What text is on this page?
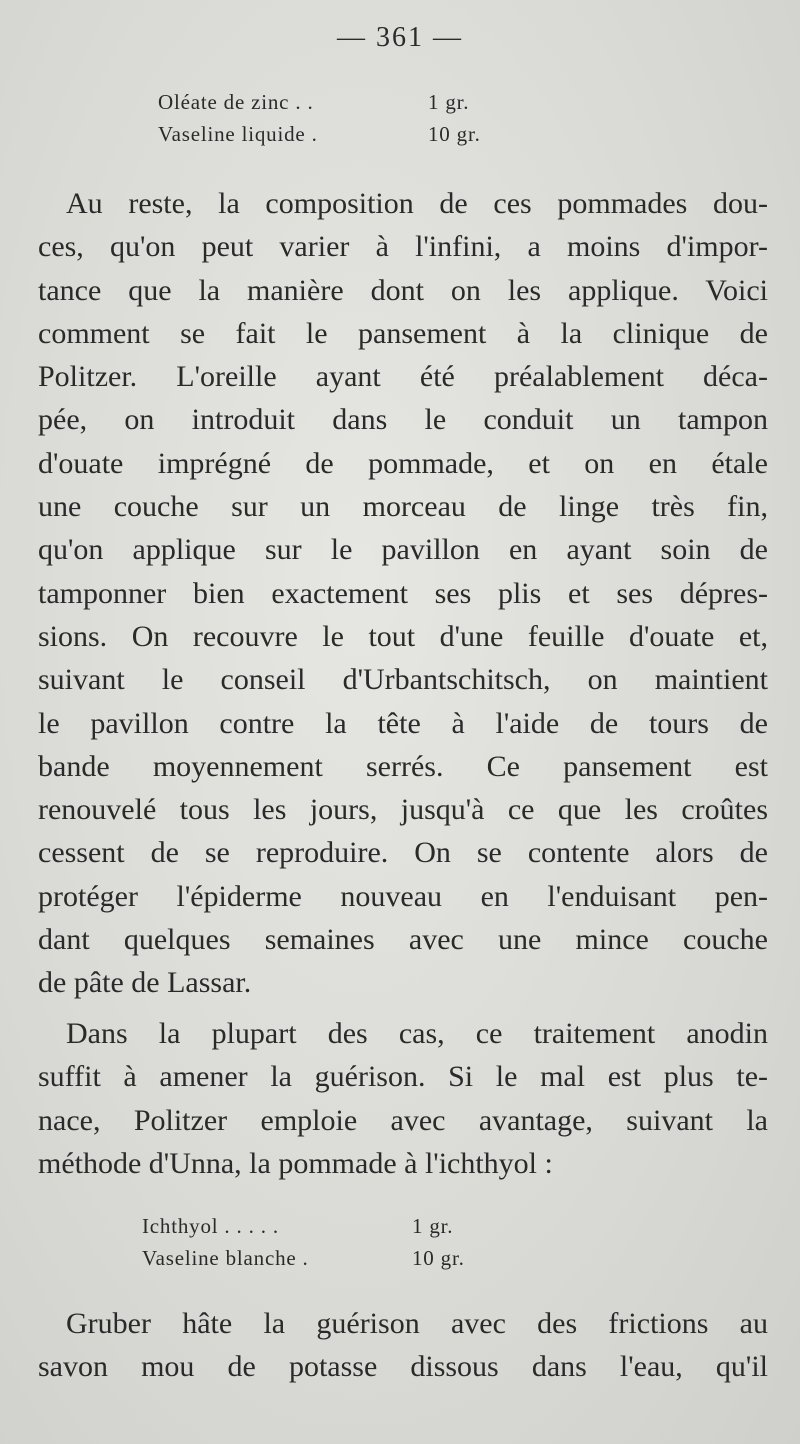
— 361 —
Oléate de zinc . .	1 gr.
Vaseline liquide .	10 gr.
Au reste, la composition de ces pommades dou-
ces, qu'on peut varier à l'infini, a moins d'impor-
tance que la manière dont on les applique. Voici
comment se fait le pansement à la clinique de
Politzer. L'oreille ayant été préalablement déca-
pée, on introduit dans le conduit un tampon
d'ouate imprégné de pommade, et on en étale
une couche sur un morceau de linge très fin,
qu'on applique sur le pavillon en ayant soin de
tamponner bien exactement ses plis et ses dépres-
sions. On recouvre le tout d'une feuille d'ouate et,
suivant le conseil d'Urbantschitsch, on maintient
le pavillon contre la tête à l'aide de tours de
bande moyennement serrés. Ce pansement est
renouvelé tous les jours, jusqu'à ce que les croûtes
cessent de se reproduire. On se contente alors de
protéger l'épiderme nouveau en l'enduisant pen-
dant quelques semaines avec une mince couche
de pâte de Lassar.
Dans la plupart des cas, ce traitement anodin
suffit à amener la guérison. Si le mal est plus te-
nace, Politzer emploie avec avantage, suivant la
méthode d'Unna, la pommade à l'ichthyol :
Ichthyol . . . . .	1 gr.
Vaseline blanche .	10 gr.
Gruber hâte la guérison avec des frictions au
savon mou de potasse dissous dans l'eau, qu'il
